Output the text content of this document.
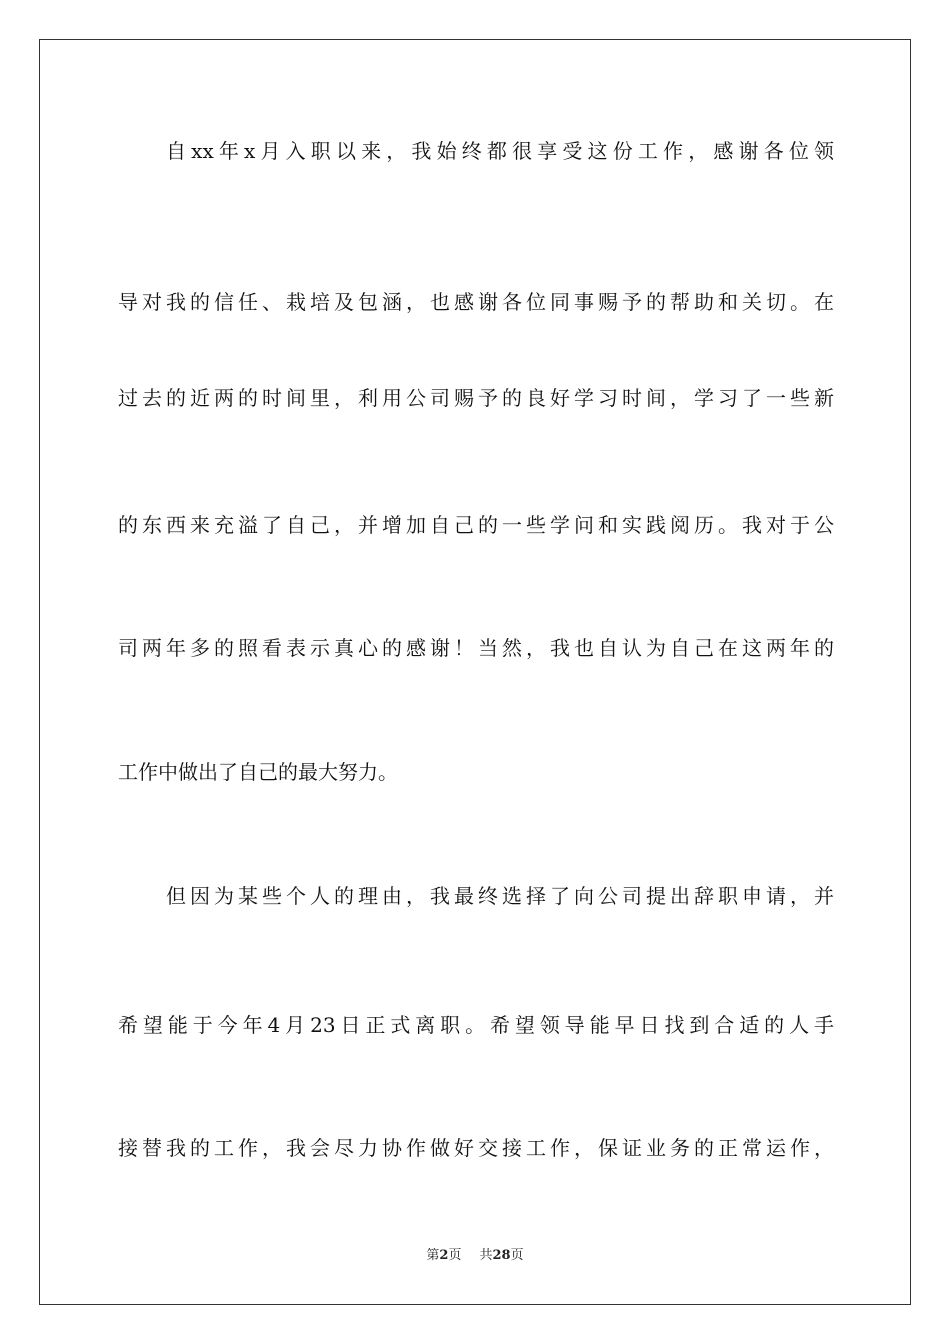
自xx年x月入职以来，我始终都很享受这份工作，感谢各位领
导对我的信任、栽培及包涵，也感谢各位同事赐予的帮助和关切。在
过去的近两的时间里，利用公司赐予的良好学习时间，学习了一些新
的东西来充溢了自己，并增加自己的一些学问和实践阅历。我对于公
司两年多的照看表示真心的感谢！当然，我也自认为自己在这两年的
工作中做出了自己的最大努力。
但因为某些个人的理由，我最终选择了向公司提出辞职申请，并
希望能于今年4月23日正式离职。希望领导能早日找到合适的人手
接替我的工作，我会尽力协作做好交接工作，保证业务的正常运作，
第2页 共28页
